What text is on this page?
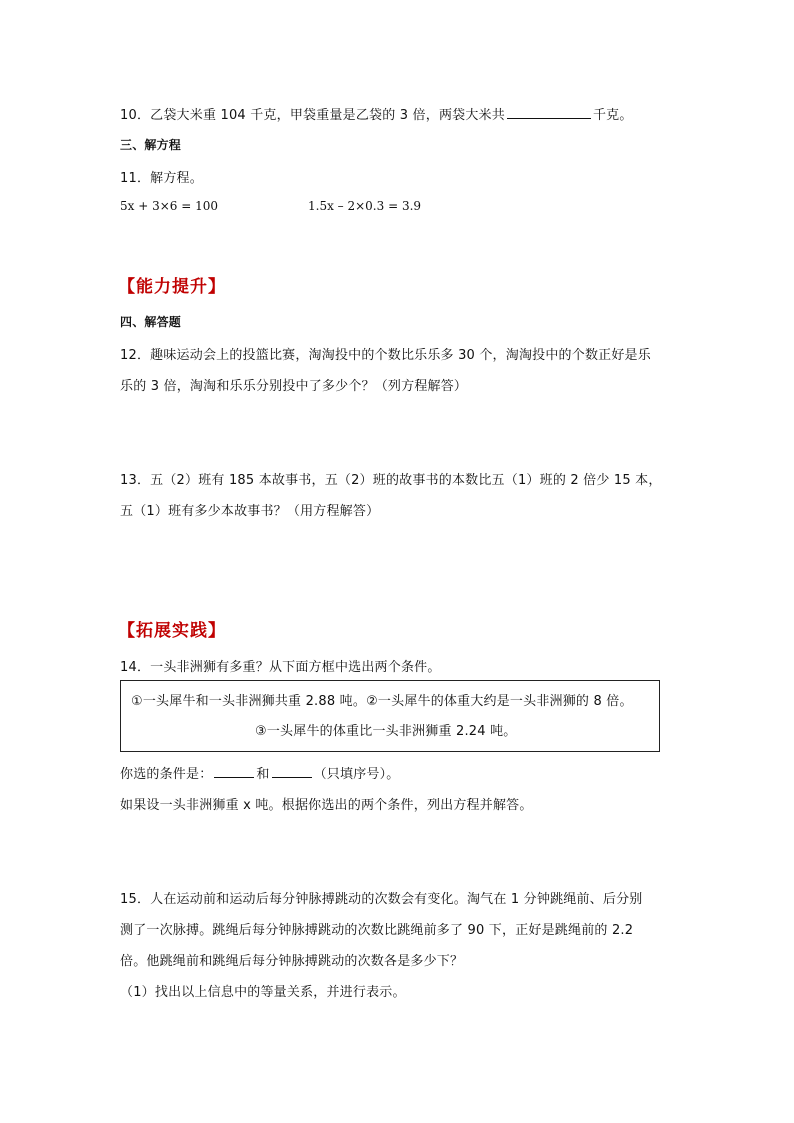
10．乙袋大米重 104 千克，甲袋重量是乙袋的 3 倍，两袋大米共	千克。
三、解方程
11．解方程。
5x + 3×6 = 100	1.5x – 2×0.3 = 3.9
【能力提升】
四、解答题
12．趣味运动会上的投篮比赛，淘淘投中的个数比乐乐多 30 个，淘淘投中的个数正好是乐
乐的 3 倍，淘淘和乐乐分别投中了多少个？（列方程解答）
13．五（2）班有 185 本故事书，五（2）班的故事书的本数比五（1）班的 2 倍少 15 本，
五（1）班有多少本故事书？（用方程解答）
【拓展实践】
14．一头非洲狮有多重？从下面方框中选出两个条件。
①一头犀牛和一头非洲狮共重 2.88 吨。②一头犀牛的体重大约是一头非洲狮的 8 倍。
③一头犀牛的体重比一头非洲狮重 2.24 吨。
你选的条件是：	和	（只填序号）。
如果设一头非洲狮重 x 吨。根据你选出的两个条件，列出方程并解答。
15．人在运动前和运动后每分钟脉搏跳动的次数会有变化。淘气在 1 分钟跳绳前、后分别
测了一次脉搏。跳绳后每分钟脉搏跳动的次数比跳绳前多了 90 下，正好是跳绳前的 2.2
倍。他跳绳前和跳绳后每分钟脉搏跳动的次数各是多少下？
（1）找出以上信息中的等量关系，并进行表示。
